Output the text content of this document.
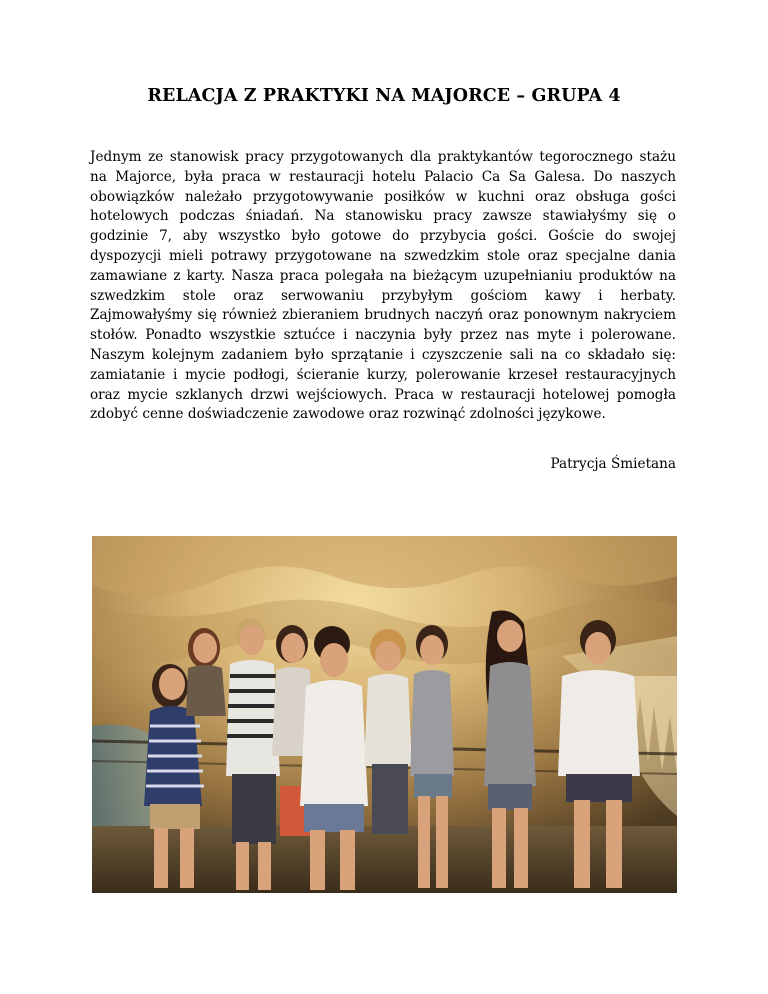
RELACJA Z PRAKTYKI NA MAJORCE – GRUPA 4

Jednym ze stanowisk pracy przygotowanych dla praktykantów tegorocznego stażu na Majorce, była praca w restauracji hotelu Palacio Ca Sa Galesa. Do naszych obowiązków należało przygotowywanie posiłków w kuchni oraz obsługa gości hotelowych podczas śniadań. Na stanowisku pracy zawsze stawiałyśmy się o godzinie 7, aby wszystko było gotowe do przybycia gości. Goście do swojej dyspozycji mieli potrawy przygotowane na szwedzkim stole oraz specjalne dania zamawiane z karty. Nasza praca polegała na bieżącym uzupełnianiu produktów na szwedzkim stole oraz serwowaniu przybyłym gościom kawy i herbaty. Zajmowałyśmy się również zbieraniem brudnych naczyń oraz ponownym nakryciem stołów. Ponadto wszystkie sztućce i naczynia były przez nas myte i polerowane. Naszym kolejnym zadaniem było sprzątanie i czyszczenie sali na co składało się: zamiatanie i mycie podłogi, ścieranie kurzy, polerowanie krzeseł restauracyjnych oraz mycie szklanych drzwi wejściowych. Praca w restauracji hotelowej pomogła zdobyć cenne doświadczenie zawodowe oraz rozwinąć zdolności językowe.

Patrycja Śmietana
